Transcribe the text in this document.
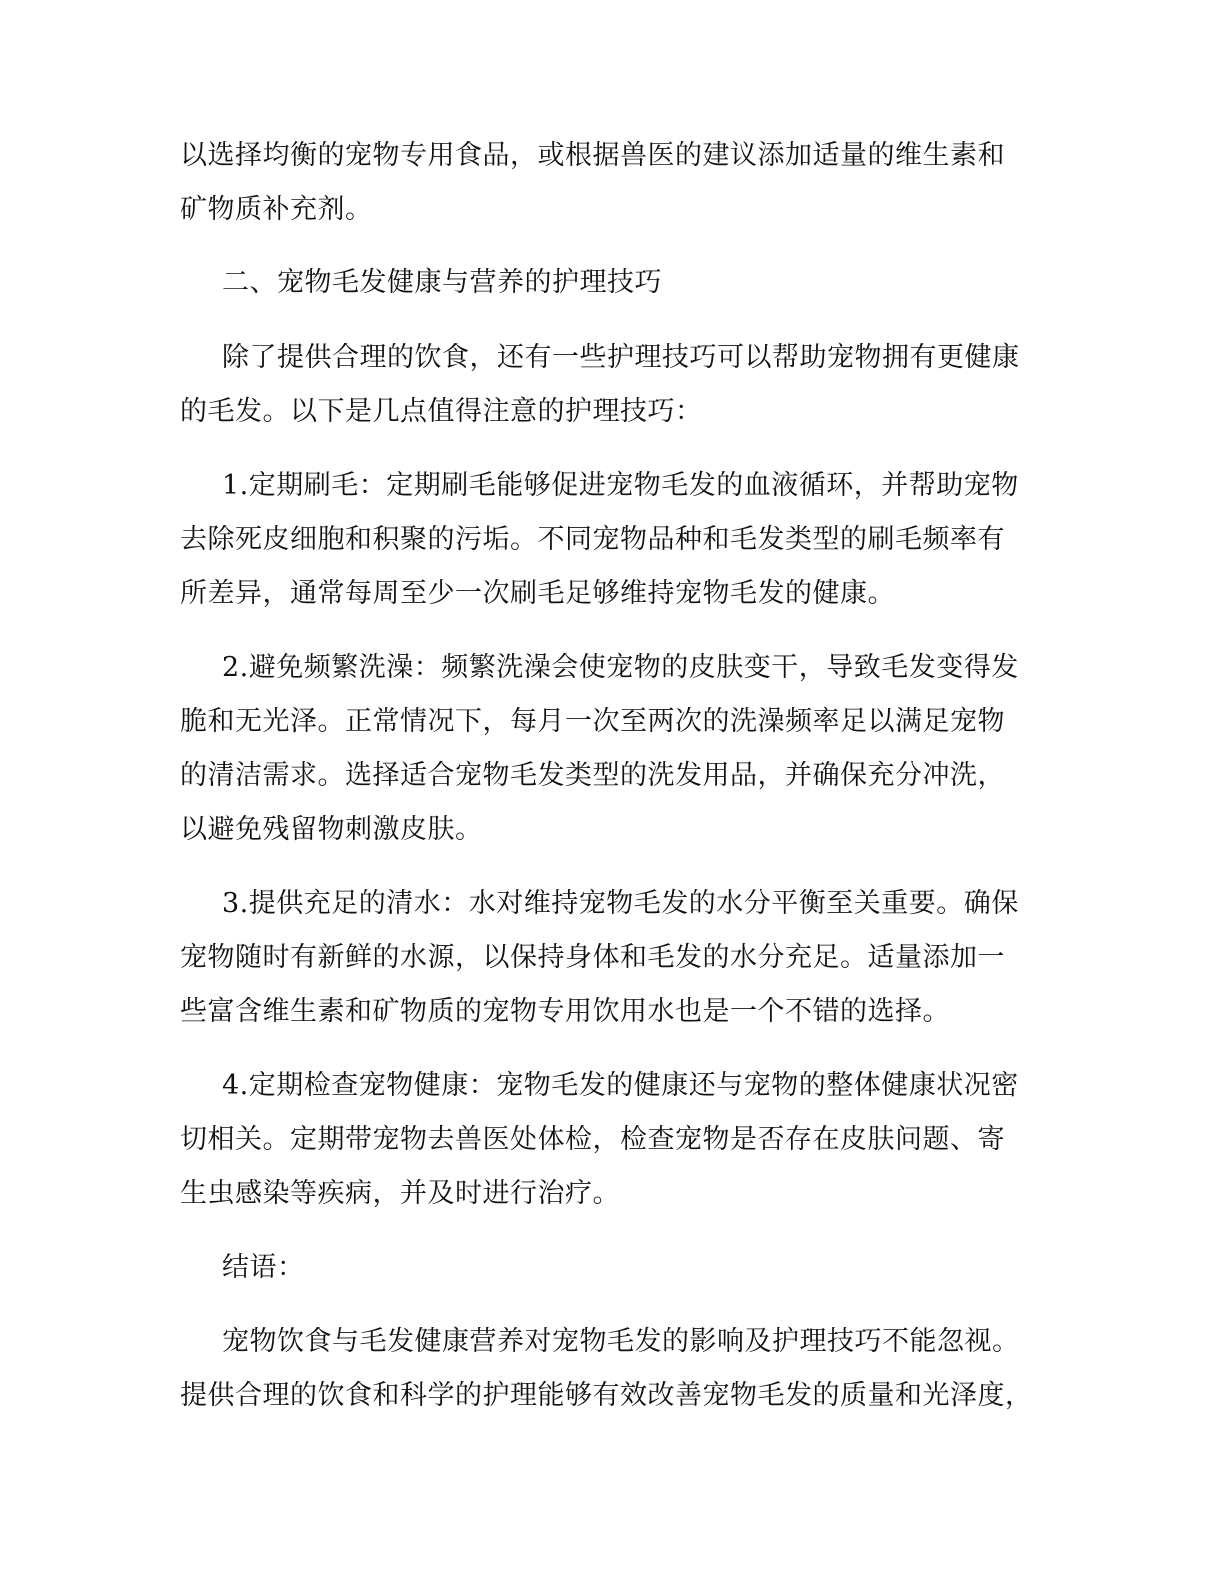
以选择均衡的宠物专用食品，或根据兽医的建议添加适量的维生素和
矿物质补充剂。
二、宠物毛发健康与营养的护理技巧
除了提供合理的饮食，还有一些护理技巧可以帮助宠物拥有更健康
的毛发。以下是几点值得注意的护理技巧：
1.定期刷毛：定期刷毛能够促进宠物毛发的血液循环，并帮助宠物
去除死皮细胞和积聚的污垢。不同宠物品种和毛发类型的刷毛频率有
所差异，通常每周至少一次刷毛足够维持宠物毛发的健康。
2.避免频繁洗澡：频繁洗澡会使宠物的皮肤变干，导致毛发变得发
脆和无光泽。正常情况下，每月一次至两次的洗澡频率足以满足宠物
的清洁需求。选择适合宠物毛发类型的洗发用品，并确保充分冲洗，
以避免残留物刺激皮肤。
3.提供充足的清水：水对维持宠物毛发的水分平衡至关重要。确保
宠物随时有新鲜的水源，以保持身体和毛发的水分充足。适量添加一
些富含维生素和矿物质的宠物专用饮用水也是一个不错的选择。
4.定期检查宠物健康：宠物毛发的健康还与宠物的整体健康状况密
切相关。定期带宠物去兽医处体检，检查宠物是否存在皮肤问题、寄
生虫感染等疾病，并及时进行治疗。
结语：
宠物饮食与毛发健康营养对宠物毛发的影响及护理技巧不能忽视。
提供合理的饮食和科学的护理能够有效改善宠物毛发的质量和光泽度，
